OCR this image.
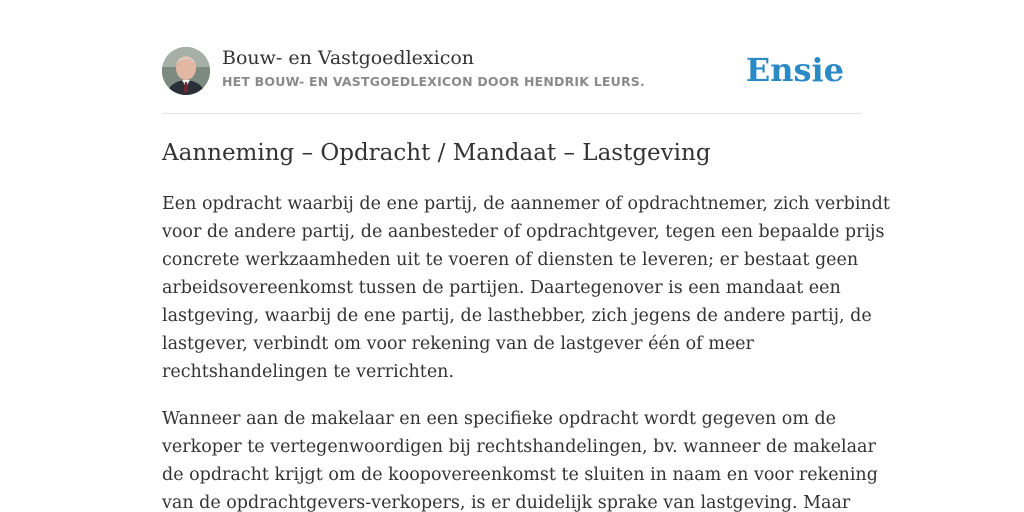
Bouw- en Vastgoedlexicon
HET BOUW- EN VASTGOEDLEXICON DOOR HENDRIK LEURS.	Ensie
Aanneming – Opdracht / Mandaat – Lastgeving

Een opdracht waarbij de ene partij, de aannemer of opdrachtnemer, zich verbindt
voor de andere partij, de aanbesteder of opdrachtgever, tegen een bepaalde prijs
concrete werkzaamheden uit te voeren of diensten te leveren; er bestaat geen
arbeidsovereenkomst tussen de partijen. Daartegenover is een mandaat een
lastgeving, waarbij de ene partij, de lasthebber, zich jegens de andere partij, de
lastgever, verbindt om voor rekening van de lastgever één of meer
rechtshandelingen te verrichten.

Wanneer aan de makelaar en een specifieke opdracht wordt gegeven om de
verkoper te vertegenwoordigen bij rechtshandelingen, bv. wanneer de makelaar
de opdracht krijgt om de koopovereenkomst te sluiten in naam en voor rekening
van de opdrachtgevers-verkopers, is er duidelijk sprake van lastgeving. Maar
